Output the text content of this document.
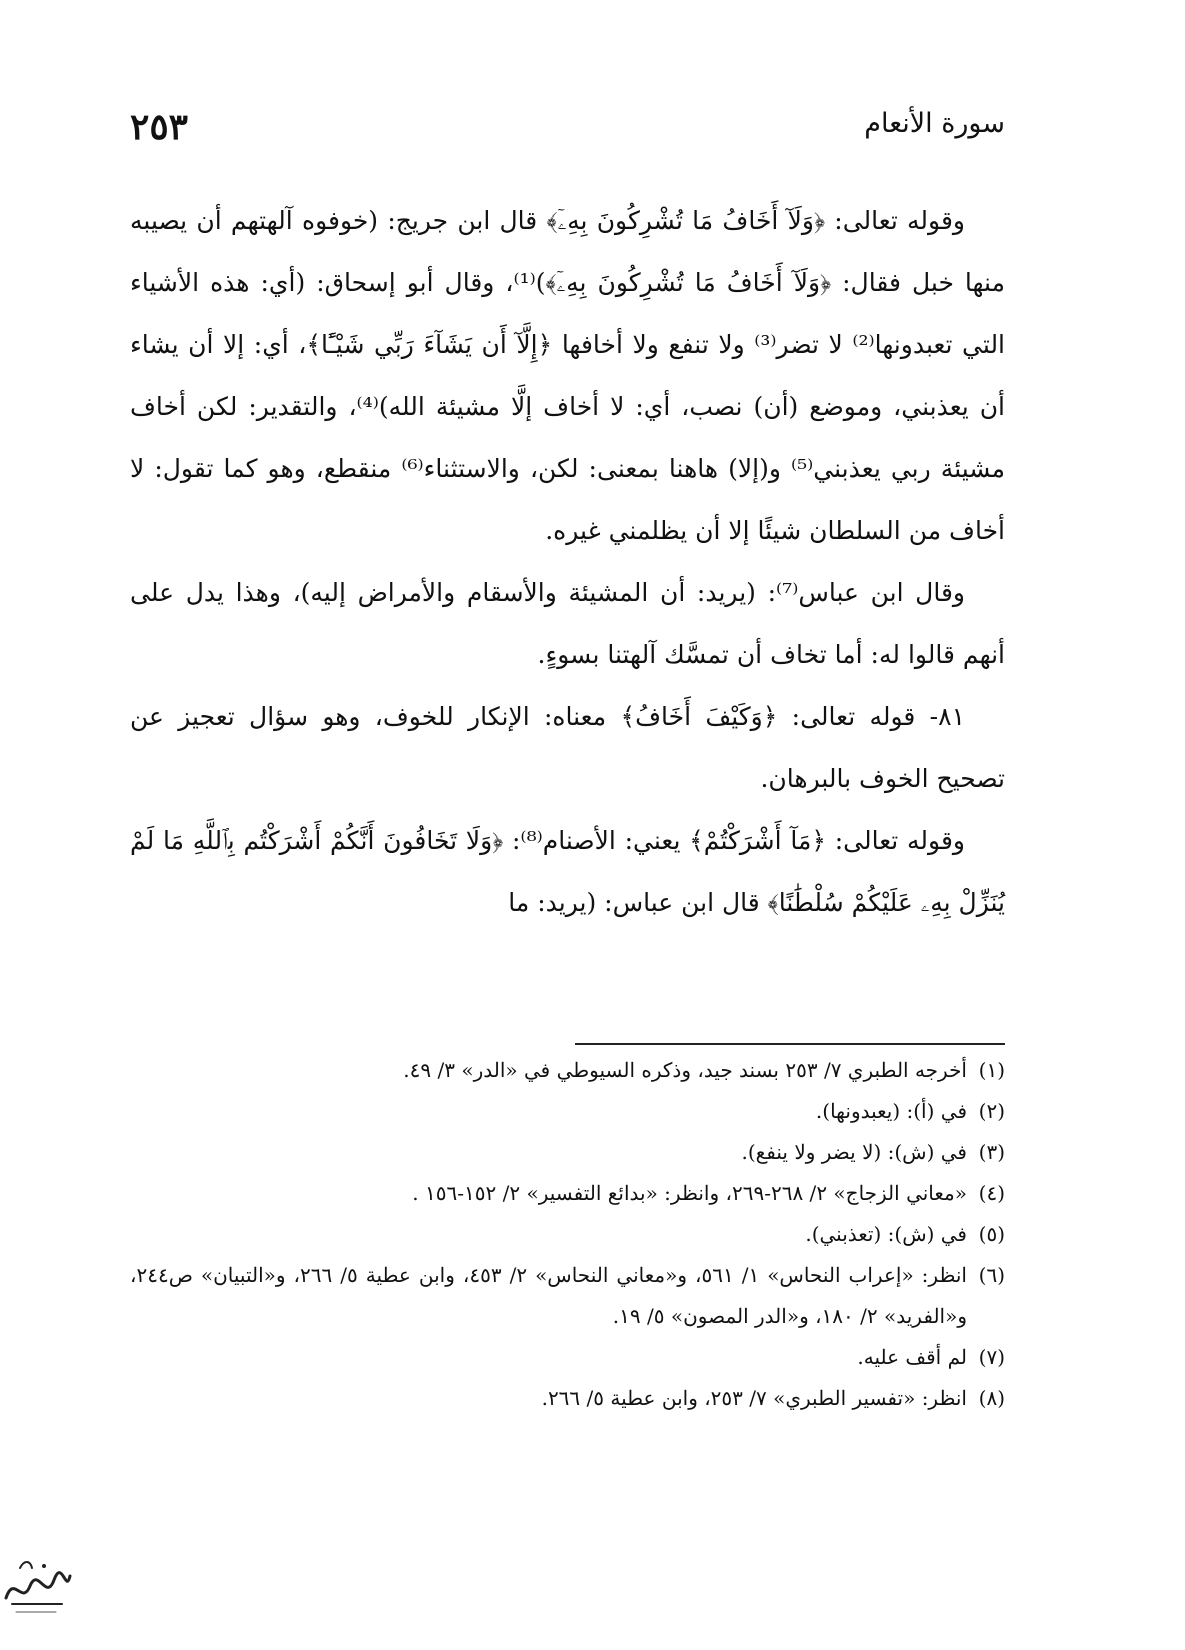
٢٥٣	سورة الأنعام

وقوله تعالى: ﴿وَلَآ أَخَافُ مَا تُشْرِكُونَ بِهِۦٓ﴾ قال ابن جريج: (خوفوه آلهتهم أن يصيبه منها خبل فقال: ﴿وَلَآ أَخَافُ مَا تُشْرِكُونَ بِهِۦٓ﴾)⁽¹⁾، وقال أبو إسحاق: (أي: هذه الأشياء التي تعبدونها⁽²⁾ لا تضر⁽³⁾ ولا تنفع ولا أخافها ﴿إِلَّآ أَن يَشَآءَ رَبِّي شَيْـًٔا﴾، أي: إلا أن يشاء أن يعذبني، وموضع (أن) نصب، أي: لا أخاف إلَّا مشيئة الله)⁽⁴⁾، والتقدير: لكن أخاف مشيئة ربي يعذبني⁽⁵⁾ و(إلا) هاهنا بمعنى: لكن، والاستثناء⁽⁶⁾ منقطع، وهو كما تقول: لا أخاف من السلطان شيئًا إلا أن يظلمني غيره.

وقال ابن عباس⁽⁷⁾: (يريد: أن المشيئة والأسقام والأمراض إليه)، وهذا يدل على أنهم قالوا له: أما تخاف أن تمسَّك آلهتنا بسوءٍ.

٨١- قوله تعالى: ﴿وَكَيْفَ أَخَافُ﴾ معناه: الإنكار للخوف، وهو سؤال تعجيز عن تصحيح الخوف بالبرهان.

وقوله تعالى: ﴿مَآ أَشْرَكْتُمْ﴾ يعني: الأصنام⁽⁸⁾: ﴿وَلَا تَخَافُونَ أَنَّكُمْ أَشْرَكْتُم بِٱللَّهِ مَا لَمْ يُنَزِّلْ بِهِۦ عَلَيْكُمْ سُلْطَٰنًا﴾ قال ابن عباس: (يريد: ما

(١)
أخرجه الطبري ٧/ ٢٥٣ بسند جيد، وذكره السيوطي في «الدر» ٣/ ٤٩.
(٢)
في (أ): (يعبدونها).
(٣)
في (ش): (لا يضر ولا ينفع).
(٤)
«معاني الزجاج» ٢/ ٢٦٨-٢٦٩، وانظر: «بدائع التفسير» ٢/ ١٥٢-١٥٦ .
(٥)
في (ش): (تعذبني).
(٦)
انظر: «إعراب النحاس» ١/ ٥٦١، و«معاني النحاس» ٢/ ٤٥٣، وابن عطية ٥/ ٢٦٦، و«التبيان» ص٢٤٤، و«الفريد» ٢/ ١٨٠، و«الدر المصون» ٥/ ١٩.
(٧)
لم أقف عليه.
(٨)
انظر: «تفسير الطبري» ٧/ ٢٥٣، وابن عطية ٥/ ٢٦٦.
